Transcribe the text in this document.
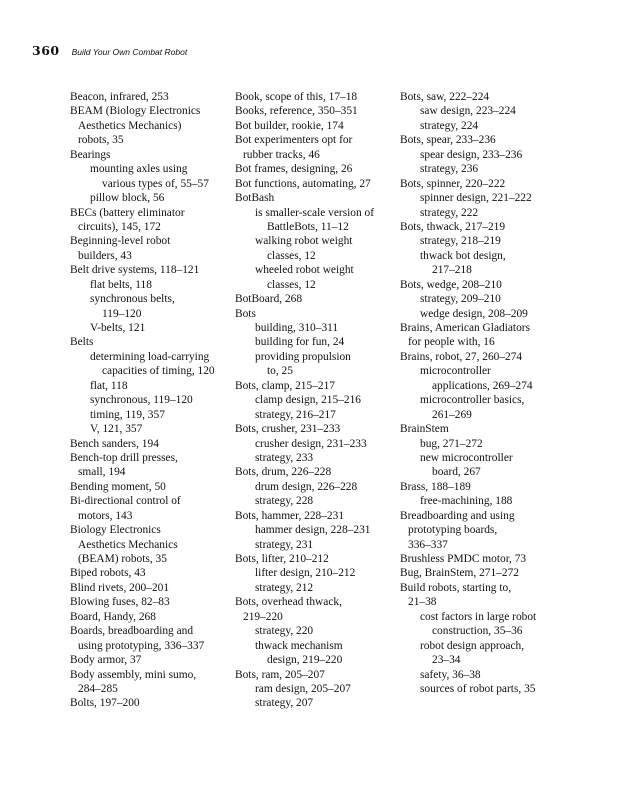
360 Build Your Own Combat Robot
Beacon, infrared, 253
BEAM (Biology Electronics
Aesthetics Mechanics)
robots, 35
Bearings
mounting axles using
various types of, 55–57
pillow block, 56
BECs (battery eliminator
circuits), 145, 172
Beginning-level robot
builders, 43
Belt drive systems, 118–121
flat belts, 118
synchronous belts,
119–120
V-belts, 121
Belts
determining load-carrying
capacities of timing, 120
flat, 118
synchronous, 119–120
timing, 119, 357
V, 121, 357
Bench sanders, 194
Bench-top drill presses,
small, 194
Bending moment, 50
Bi-directional control of
motors, 143
Biology Electronics
Aesthetics Mechanics
(BEAM) robots, 35
Biped robots, 43
Blind rivets, 200–201
Blowing fuses, 82–83
Board, Handy, 268
Boards, breadboarding and
using prototyping, 336–337
Body armor, 37
Body assembly, mini sumo,
284–285
Bolts, 197–200
Book, scope of this, 17–18
Books, reference, 350–351
Bot builder, rookie, 174
Bot experimenters opt for
rubber tracks, 46
Bot frames, designing, 26
Bot functions, automating, 27
BotBash
is smaller-scale version of
BattleBots, 11–12
walking robot weight
classes, 12
wheeled robot weight
classes, 12
BotBoard, 268
Bots
building, 310–311
building for fun, 24
providing propulsion
to, 25
Bots, clamp, 215–217
clamp design, 215–216
strategy, 216–217
Bots, crusher, 231–233
crusher design, 231–233
strategy, 233
Bots, drum, 226–228
drum design, 226–228
strategy, 228
Bots, hammer, 228–231
hammer design, 228–231
strategy, 231
Bots, lifter, 210–212
lifter design, 210–212
strategy, 212
Bots, overhead thwack,
219–220
strategy, 220
thwack mechanism
design, 219–220
Bots, ram, 205–207
ram design, 205–207
strategy, 207
Bots, saw, 222–224
saw design, 223–224
strategy, 224
Bots, spear, 233–236
spear design, 233–236
strategy, 236
Bots, spinner, 220–222
spinner design, 221–222
strategy, 222
Bots, thwack, 217–219
strategy, 218–219
thwack bot design,
217–218
Bots, wedge, 208–210
strategy, 209–210
wedge design, 208–209
Brains, American Gladiators
for people with, 16
Brains, robot, 27, 260–274
microcontroller
applications, 269–274
microcontroller basics,
261–269
BrainStem
bug, 271–272
new microcontroller
board, 267
Brass, 188–189
free-machining, 188
Breadboarding and using
prototyping boards,
336–337
Brushless PMDC motor, 73
Bug, BrainStem, 271–272
Build robots, starting to,
21–38
cost factors in large robot
construction, 35–36
robot design approach,
23–34
safety, 36–38
sources of robot parts, 35
